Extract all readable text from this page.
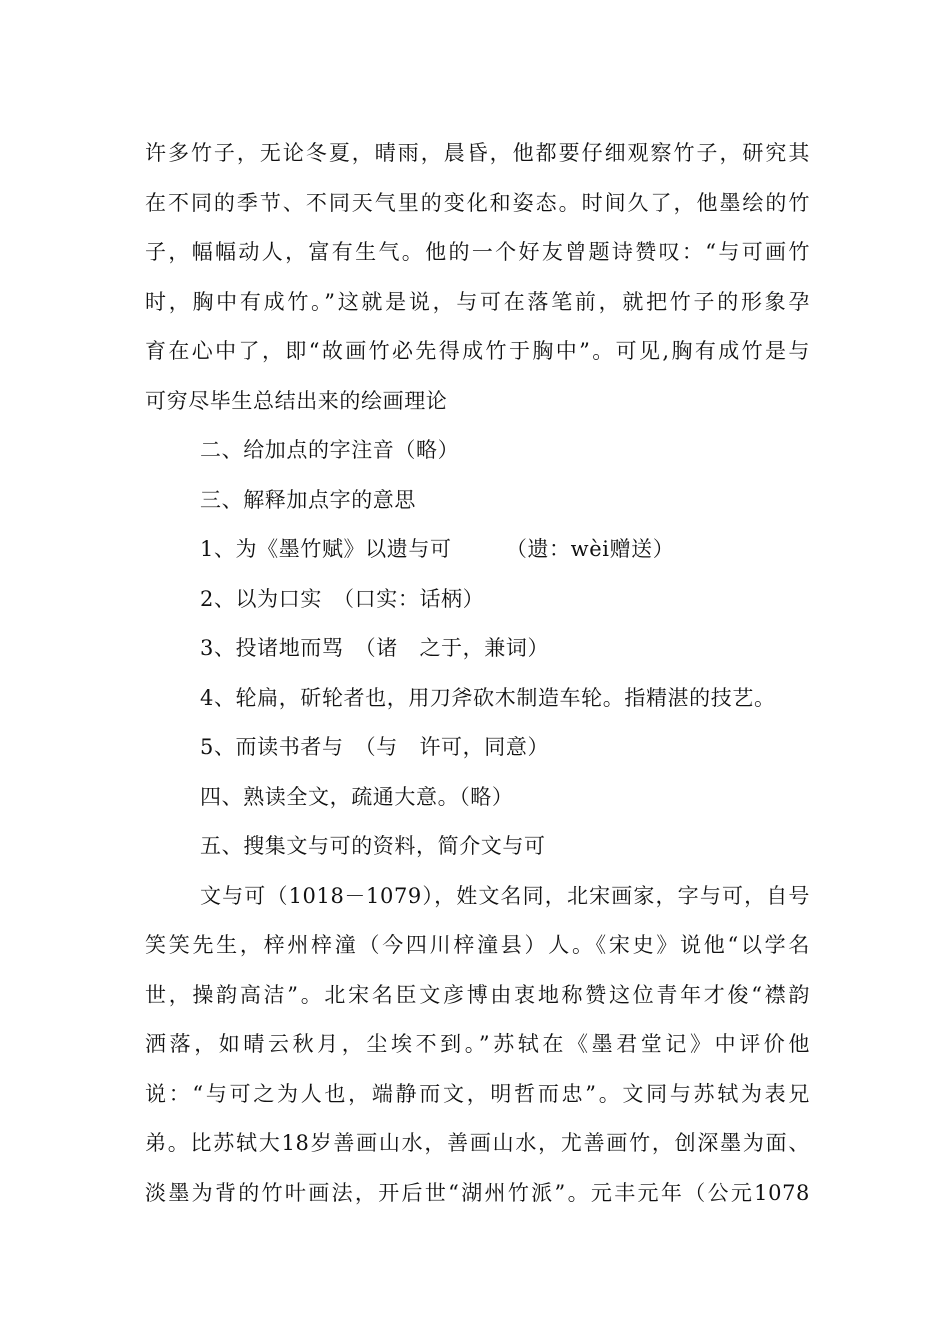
许多竹子，无论冬夏，晴雨，晨昏，他都要仔细观察竹子，研究其
在不同的季节、不同天气里的变化和姿态。时间久了，他墨绘的竹
子，幅幅动人，富有生气。他的一个好友曾题诗赞叹：“与可画竹
时，胸中有成竹。”这就是说，与可在落笔前，就把竹子的形象孕
育在心中了，即“故画竹必先得成竹于胸中”。可见,胸有成竹是与
可穷尽毕生总结出来的绘画理论
二、给加点的字注音（略）
三、解释加点字的意思
1、为《墨竹赋》以遗与可　　　（遗：wèi赠送）
2、以为口实　（口实：话柄）
3、投诸地而骂　（诸　之于，兼词）
4、轮扁，斫轮者也，用刀斧砍木制造车轮。指精湛的技艺。
5、而读书者与　（与　许可，同意）
四、熟读全文，疏通大意。（略）
五、搜集文与可的资料，简介文与可
文与可（1018－1079），姓文名同，北宋画家，字与可，自号
笑笑先生，梓州梓潼（今四川梓潼县）人。《宋史》说他“以学名
世，操韵高洁”。北宋名臣文彦博由衷地称赞这位青年才俊“襟韵
洒落，如晴云秋月，尘埃不到。”苏轼在《墨君堂记》中评价他
说：“与可之为人也，端静而文，明哲而忠”。文同与苏轼为表兄
弟。比苏轼大18岁善画山水，善画山水，尤善画竹，创深墨为面、
淡墨为背的竹叶画法，开后世“湖州竹派”。元丰元年（公元1078
